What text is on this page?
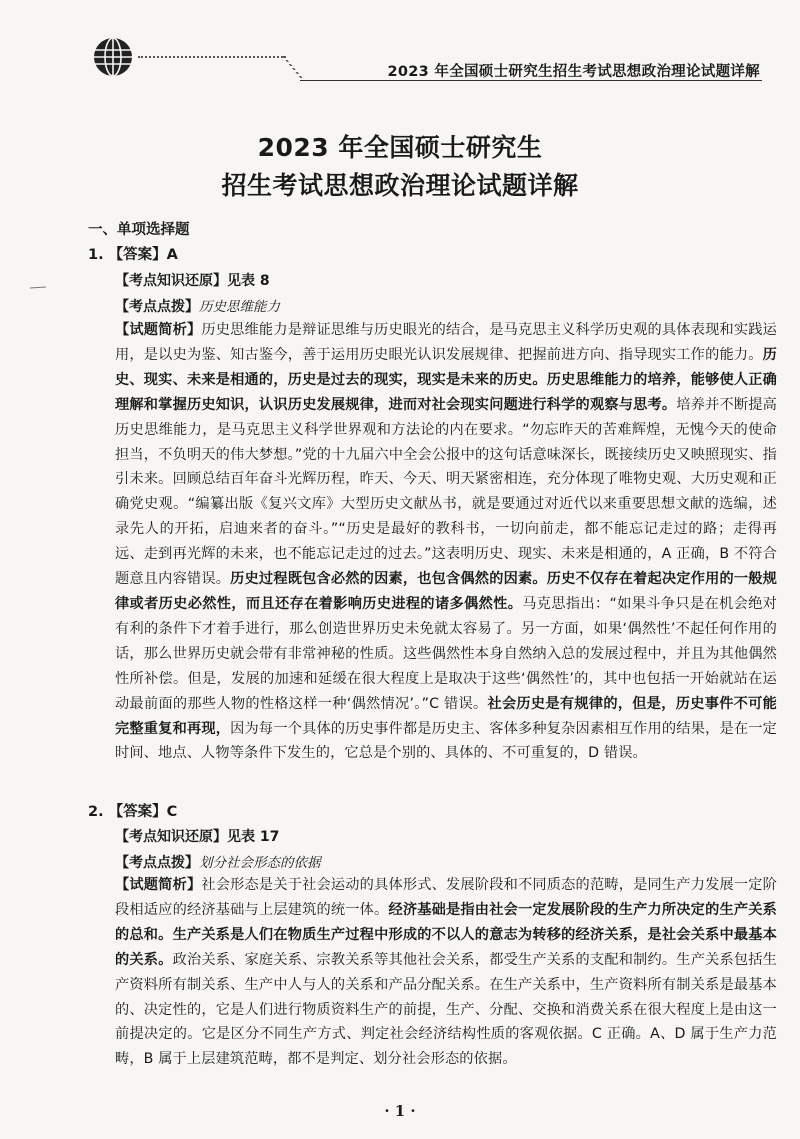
2023 年全国硕士研究生招生考试思想政治理论试题详解
2023 年全国硕士研究生
招生考试思想政治理论试题详解
一、单项选择题
1. 【答案】A
【考点知识还原】见表 8
【考点点拨】历史思维能力
【试题简析】历史思维能力是辩证思维与历史眼光的结合，是马克思主义科学历史观的具体表现和实践运用，是以史为鉴、知古鉴今，善于运用历史眼光认识发展规律、把握前进方向、指导现实工作的能力。历史、现实、未来是相通的，历史是过去的现实，现实是未来的历史。历史思维能力的培养，能够使人正确理解和掌握历史知识，认识历史发展规律，进而对社会现实问题进行科学的观察与思考。培养并不断提高历史思维能力，是马克思主义科学世界观和方法论的内在要求。“勿忘昨天的苦难辉煌，无愧今天的使命担当，不负明天的伟大梦想。”党的十九届六中全会公报中的这句话意味深长，既接续历史又映照现实、指引未来。回顾总结百年奋斗光辉历程，昨天、今天、明天紧密相连，充分体现了唯物史观、大历史观和正确党史观。“编纂出版《复兴文库》大型历史文献丛书，就是要通过对近代以来重要思想文献的选编，述录先人的开拓，启迪来者的奋斗。”“历史是最好的教科书，一切向前走，都不能忘记走过的路；走得再远、走到再光辉的未来，也不能忘记走过的过去。”这表明历史、现实、未来是相通的，A 正确，B 不符合题意且内容错误。历史过程既包含必然的因素，也包含偶然的因素。历史不仅存在着起决定作用的一般规律或者历史必然性，而且还存在着影响历史进程的诸多偶然性。马克思指出：“如果斗争只是在机会绝对有利的条件下才着手进行，那么创造世界历史未免就太容易了。另一方面，如果‘偶然性’不起任何作用的话，那么世界历史就会带有非常神秘的性质。这些偶然性本身自然纳入总的发展过程中，并且为其他偶然性所补偿。但是，发展的加速和延缓在很大程度上是取决于这些‘偶然性’的，其中也包括一开始就站在运动最前面的那些人物的性格这样一种‘偶然情况’。”C 错误。社会历史是有规律的，但是，历史事件不可能完整重复和再现，因为每一个具体的历史事件都是历史主、客体多种复杂因素相互作用的结果，是在一定时间、地点、人物等条件下发生的，它总是个别的、具体的、不可重复的，D 错误。
2. 【答案】C
【考点知识还原】见表 17
【考点点拨】划分社会形态的依据
【试题简析】社会形态是关于社会运动的具体形式、发展阶段和不同质态的范畴，是同生产力发展一定阶段相适应的经济基础与上层建筑的统一体。经济基础是指由社会一定发展阶段的生产力所决定的生产关系的总和。生产关系是人们在物质生产过程中形成的不以人的意志为转移的经济关系，是社会关系中最基本的关系。政治关系、家庭关系、宗教关系等其他社会关系，都受生产关系的支配和制约。生产关系包括生产资料所有制关系、生产中人与人的关系和产品分配关系。在生产关系中，生产资料所有制关系是最基本的、决定性的，它是人们进行物质资料生产的前提，生产、分配、交换和消费关系在很大程度上是由这一前提决定的。它是区分不同生产方式、判定社会经济结构性质的客观依据。C 正确。A、D 属于生产力范畴，B 属于上层建筑范畴，都不是判定、划分社会形态的依据。
· 1 ·
